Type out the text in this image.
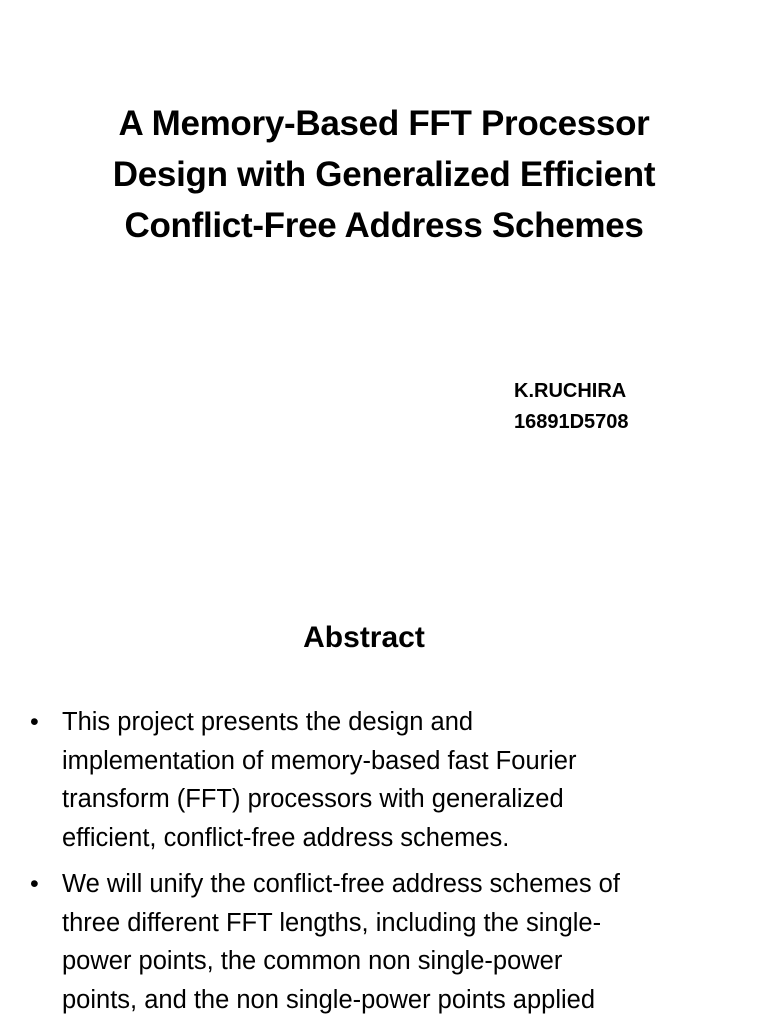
A Memory-Based FFT Processor
Design with Generalized Efficient
Conflict-Free Address Schemes
K.RUCHIRA
16891D5708
Abstract
• This project presents the design and
implementation of memory-based fast Fourier
transform (FFT) processors with generalized
efficient, conflict-free address schemes.
• We will unify the conflict-free address schemes of
three different FFT lengths, including the single-
power points, the common non single-power
points, and the non single-power points applied
